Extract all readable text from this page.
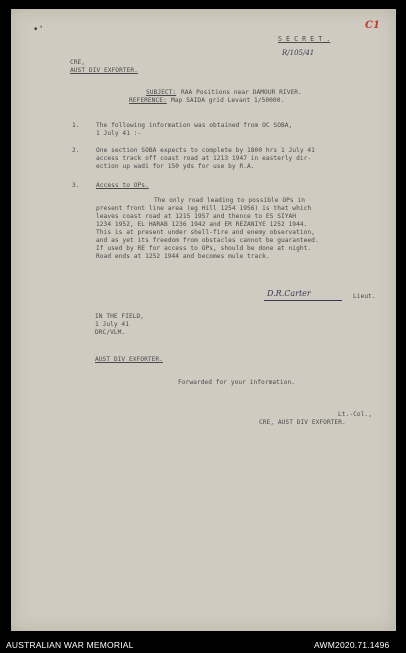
•'	C1
S E C R E T .
R/105/41
CRE,
AUST DIV EXFORTER.
SUBJECT: RAA Positions near DAMOUR RIVER.
REFERENCE: Map SAIDA grid Levant 1/50000.
1.	The following information was obtained from OC SOBA,
1 July 41 :-
2.	One section SOBA expects to complete by 1800 hrs 1 July 41
access track off coast road at 1213 1947 in easterly dir-
ection up wadi for 150 yds for use by R.A.
3.	Access to OPs.
The only road leading to possible OPs in
present front line area (eg Hill 1254 1956) is that which
leaves coast road at 1215 1957 and thence to ES SIYAH
1234 1952, EL HARAB 1236 1942 and ER REZANIYE 1252 1944.
This is at present under shell-fire and enemy observation,
and as yet its freedom from obstacles cannot be guaranteed.
If used by RE for access to OPs, should be done at night.
Road ends at 1252 1944 and becomes mule track.
D.R.Carter	Lieut.
IN THE FIELD,
1 July 41
DRC/VLM.
AUST DIV EXFORTER.
Forwarded for your information.
Lt.-Col.,
CRE, AUST DIV EXFORTER.
AUSTRALIAN WAR MEMORIAL	AWM2020.71.1496
